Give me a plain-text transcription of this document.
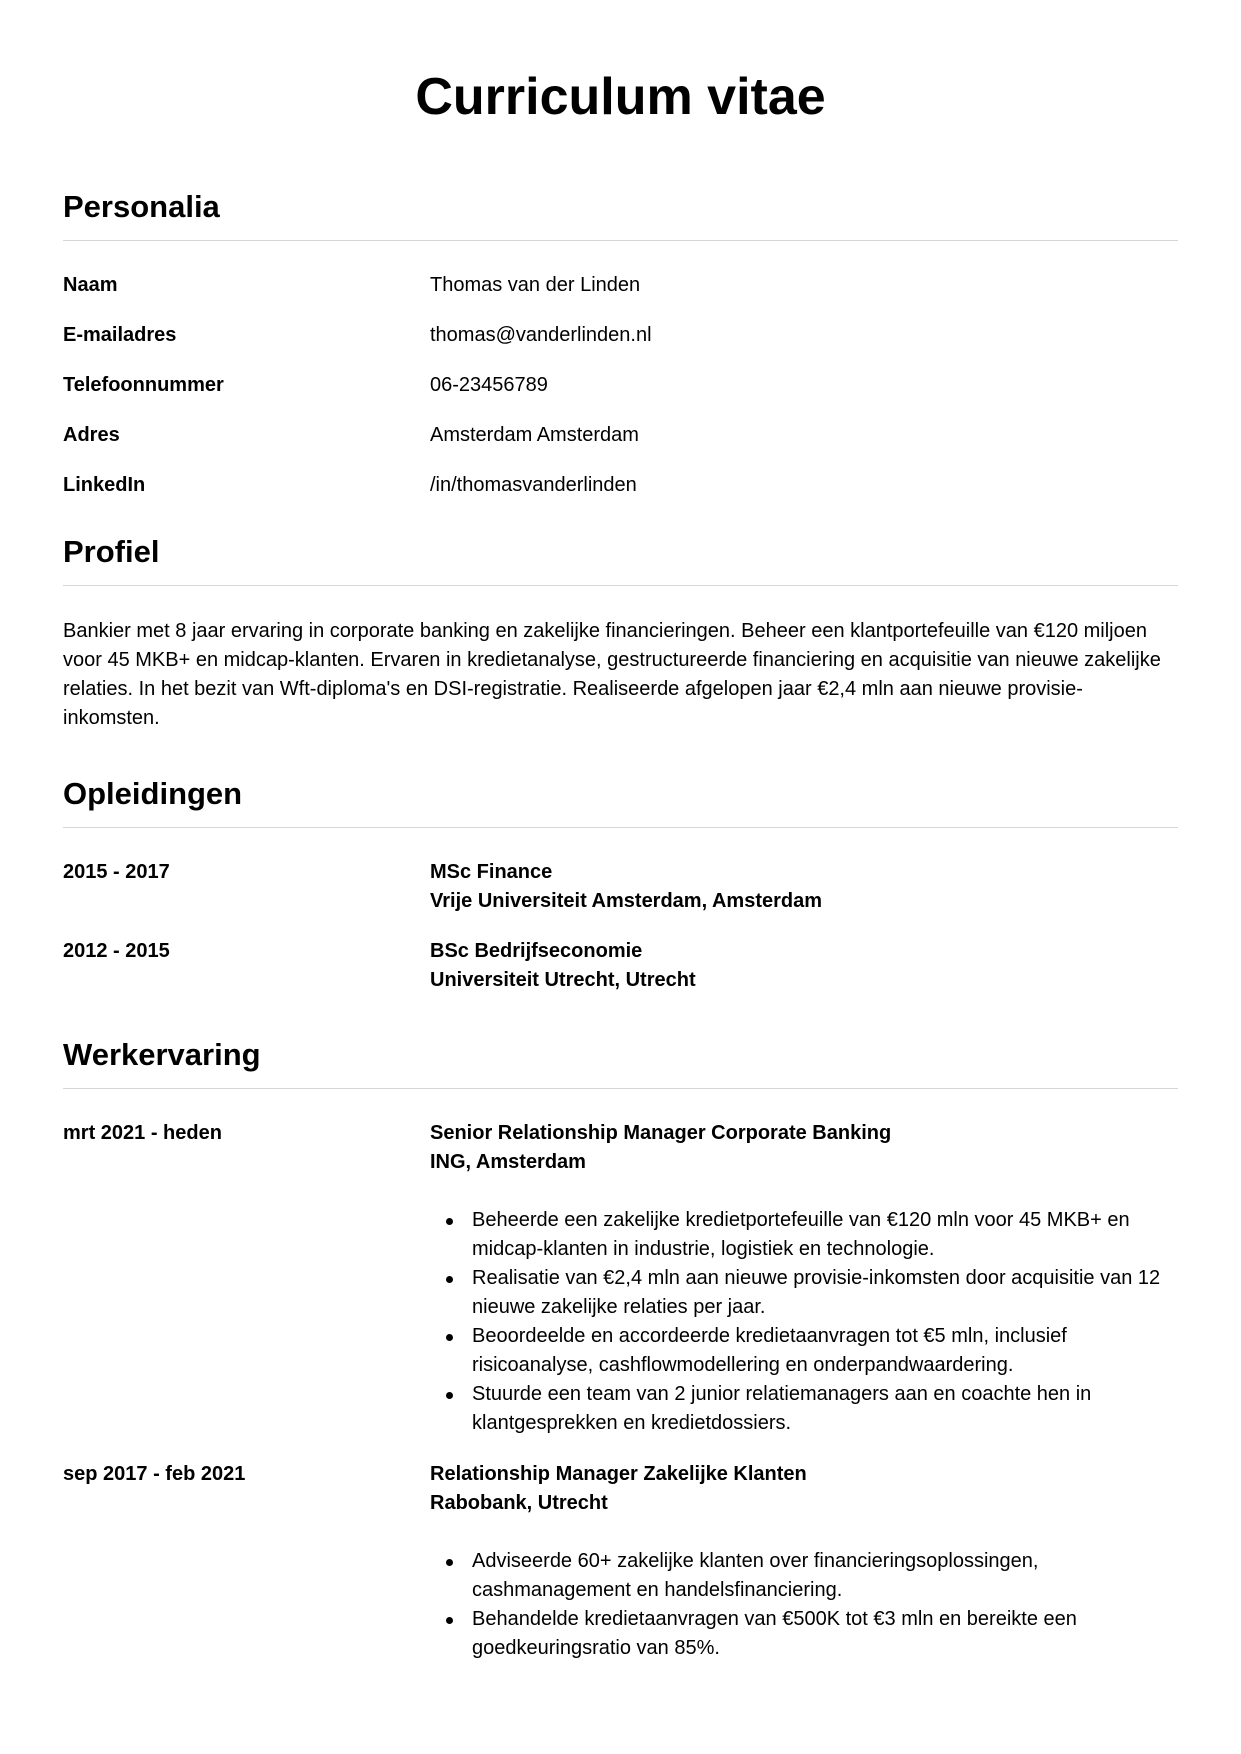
Curriculum vitae
Personalia
Naam	Thomas van der Linden
E-mailadres	thomas@vanderlinden.nl
Telefoonnummer	06-23456789
Adres	Amsterdam Amsterdam
LinkedIn	/in/thomasvanderlinden
Profiel

Bankier met 8 jaar ervaring in corporate banking en zakelijke financieringen. Beheer een klantportefeuille van €120 miljoen voor 45 MKB+ en midcap-klanten. Ervaren in kredietanalyse, gestructureerde financiering en acquisitie van nieuwe zakelijke relaties. In het bezit van Wft-diploma's en DSI-registratie. Realiseerde afgelopen jaar €2,4 mln aan nieuwe provisie-inkomsten.

Opleidingen
2015 - 2017	MSc Finance
Vrije Universiteit Amsterdam, Amsterdam
2012 - 2015	BSc Bedrijfseconomie
Universiteit Utrecht, Utrecht
Werkervaring
mrt 2021 - heden	Senior Relationship Manager Corporate Banking
ING, Amsterdam
Beheerde een zakelijke kredietportefeuille van €120 mln voor 45 MKB+ en midcap-klanten in industrie, logistiek en technologie.
Realisatie van €2,4 mln aan nieuwe provisie-inkomsten door acquisitie van 12 nieuwe zakelijke relaties per jaar.
Beoordeelde en accordeerde kredietaanvragen tot €5 mln, inclusief risicoanalyse, cashflowmodellering en onderpandwaardering.
Stuurde een team van 2 junior relatiemanagers aan en coachte hen in klantgesprekken en kredietdossiers.
sep 2017 - feb 2021	Relationship Manager Zakelijke Klanten
Rabobank, Utrecht
Adviseerde 60+ zakelijke klanten over financieringsoplossingen, cashmanagement en handelsfinanciering.
Behandelde kredietaanvragen van €500K tot €3 mln en bereikte een goedkeuringsratio van 85%.
